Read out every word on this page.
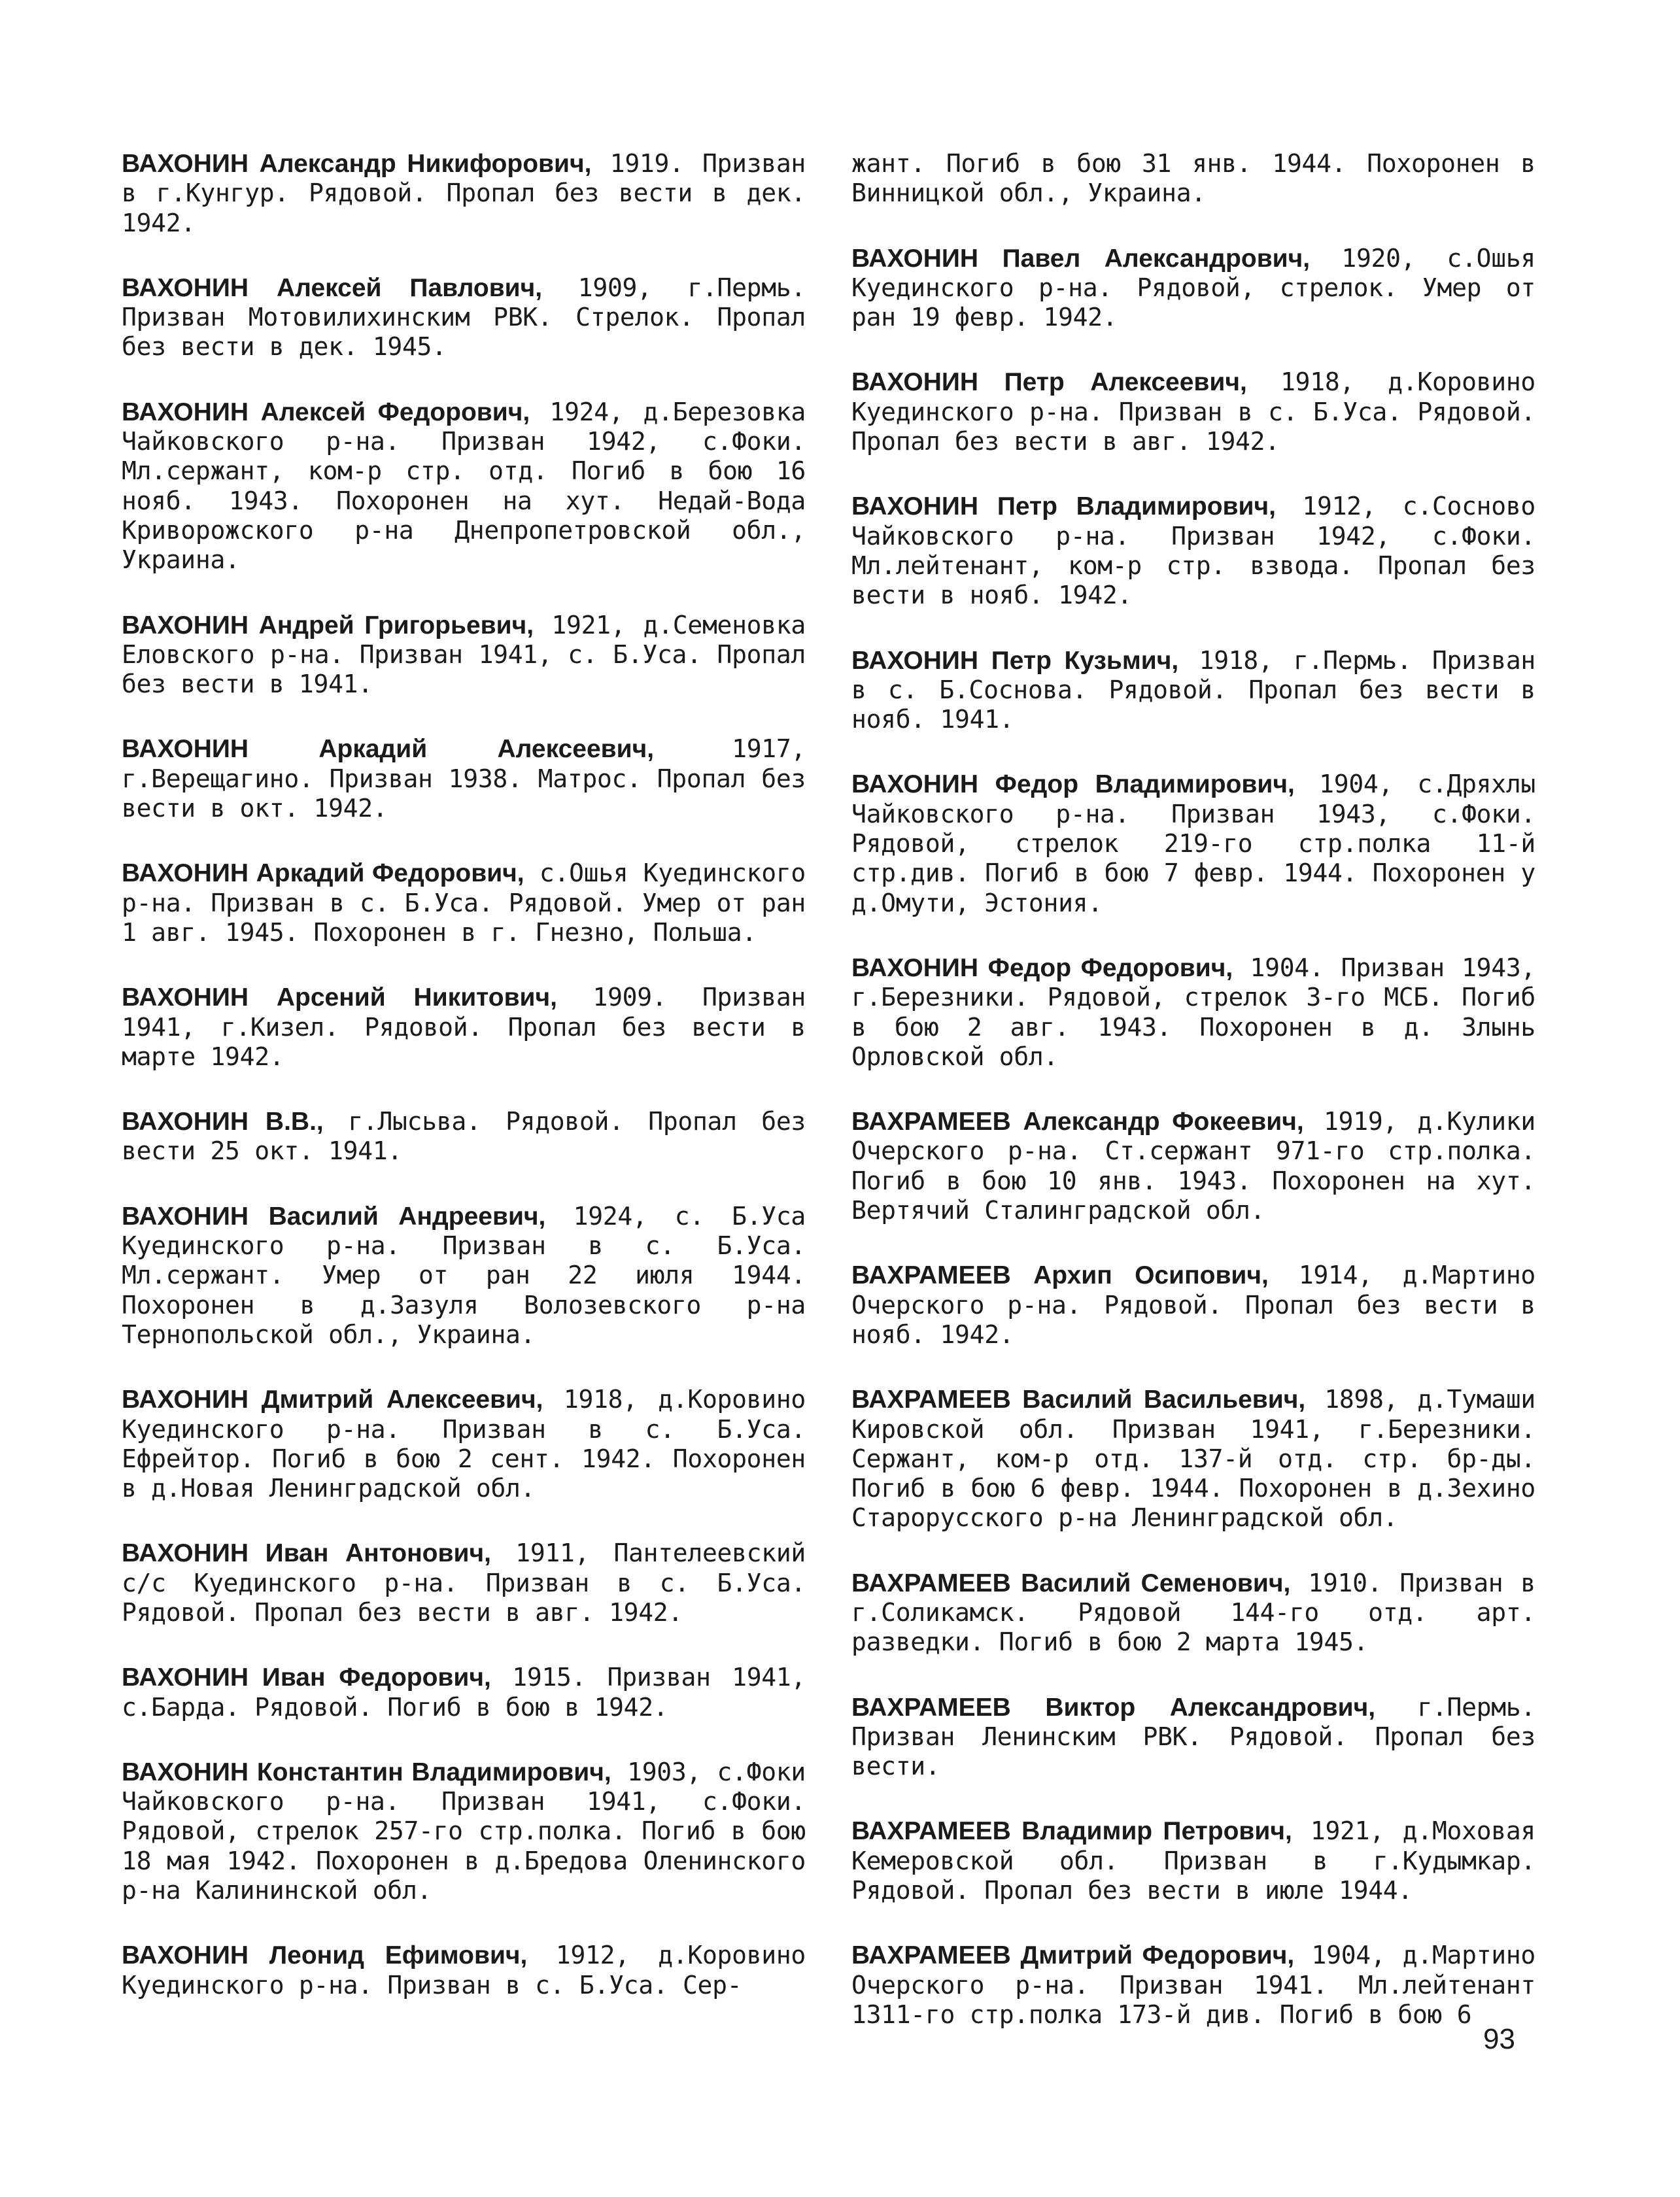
ВАХОНИН Александр Никифорович, 1919. Призван в г.Кунгур. Рядовой. Пропал без вести в дек. 1942.

ВАХОНИН Алексей Павлович, 1909, г.Пермь. Призван Мотовилихинским РВК. Стрелок. Пропал без вести в дек. 1945.

ВАХОНИН Алексей Федорович, 1924, д.Березовка Чайковского р-на. Призван 1942, с.Фоки. Мл.сержант, ком-р стр. отд. Погиб в бою 16 нояб. 1943. Похоронен на хут. Недай-Вода Криворожского р-на Днепропетровской обл., Украина.

ВАХОНИН Андрей Григорьевич, 1921, д.Семеновка Еловского р-на. Призван 1941, с. Б.Уса. Пропал без вести в 1941.

ВАХОНИН Аркадий Алексеевич, 1917, г.Верещагино. Призван 1938. Матрос. Пропал без вести в окт. 1942.

ВАХОНИН Аркадий Федорович, с.Ошья Куединского р-на. Призван в с. Б.Уса. Рядовой. Умер от ран 1 авг. 1945. Похоронен в г. Гнезно, Польша.

ВАХОНИН Арсений Никитович, 1909. Призван 1941, г.Кизел. Рядовой. Пропал без вести в марте 1942.

ВАХОНИН В.В., г.Лысьва. Рядовой. Пропал без вести 25 окт. 1941.

ВАХОНИН Василий Андреевич, 1924, с. Б.Уса Куединского р-на. Призван в с. Б.Уса. Мл.сержант. Умер от ран 22 июля 1944. Похоронен в д.Зазуля Волозевского р-на Тернопольской обл., Украина.

ВАХОНИН Дмитрий Алексеевич, 1918, д.Коровино Куединского р-на. Призван в с. Б.Уса. Ефрейтор. Погиб в бою 2 сент. 1942. Похоронен в д.Новая Ленинградской обл.

ВАХОНИН Иван Антонович, 1911, Пантелеевский с/с Куединского р-на. Призван в с. Б.Уса. Рядовой. Пропал без вести в авг. 1942.

ВАХОНИН Иван Федорович, 1915. Призван 1941, с.Барда. Рядовой. Погиб в бою в 1942.

ВАХОНИН Константин Владимирович, 1903, с.Фоки Чайковского р-на. Призван 1941, с.Фоки. Рядовой, стрелок 257-го стр.полка. Погиб в бою 18 мая 1942. Похоронен в д.Бредова Оленинского р-на Калининской обл.

ВАХОНИН Леонид Ефимович, 1912, д.Коровино Куединского р-на. Призван в с. Б.Уса. Сер-

жант. Погиб в бою 31 янв. 1944. Похоронен в Винницкой обл., Украина.

ВАХОНИН Павел Александрович, 1920, с.Ошья Куединского р-на. Рядовой, стрелок. Умер от ран 19 февр. 1942.

ВАХОНИН Петр Алексеевич, 1918, д.Коровино Куединского р-на. Призван в с. Б.Уса. Рядовой. Пропал без вести в авг. 1942.

ВАХОНИН Петр Владимирович, 1912, с.Сосново Чайковского р-на. Призван 1942, с.Фоки. Мл.лейтенант, ком-р стр. взвода. Пропал без вести в нояб. 1942.

ВАХОНИН Петр Кузьмич, 1918, г.Пермь. Призван в с. Б.Соснова. Рядовой. Пропал без вести в нояб. 1941.

ВАХОНИН Федор Владимирович, 1904, с.Дряхлы Чайковского р-на. Призван 1943, с.Фоки. Рядовой, стрелок 219-го стр.полка 11-й стр.див. Погиб в бою 7 февр. 1944. Похоронен у д.Омути, Эстония.

ВАХОНИН Федор Федорович, 1904. Призван 1943, г.Березники. Рядовой, стрелок 3-го МСБ. Погиб в бою 2 авг. 1943. Похоронен в д. Злынь Орловской обл.

ВАХРАМЕЕВ Александр Фокеевич, 1919, д.Кулики Очерского р-на. Ст.сержант 971-го стр.полка. Погиб в бою 10 янв. 1943. Похоронен на хут. Вертячий Сталинградской обл.

ВАХРАМЕЕВ Архип Осипович, 1914, д.Мартино Очерского р-на. Рядовой. Пропал без вести в нояб. 1942.

ВАХРАМЕЕВ Василий Васильевич, 1898, д.Тумаши Кировской обл. Призван 1941, г.Березники. Сержант, ком-р отд. 137-й отд. стр. бр-ды. Погиб в бою 6 февр. 1944. Похоронен в д.Зехино Старорусского р-на Ленинградской обл.

ВАХРАМЕЕВ Василий Семенович, 1910. Призван в г.Соликамск. Рядовой 144-го отд. арт. разведки. Погиб в бою 2 марта 1945.

ВАХРАМЕЕВ Виктор Александрович, г.Пермь. Призван Ленинским РВК. Рядовой. Пропал без вести.

ВАХРАМЕЕВ Владимир Петрович, 1921, д.Моховая Кемеровской обл. Призван в г.Кудымкар. Рядовой. Пропал без вести в июле 1944.

ВАХРАМЕЕВ Дмитрий Федорович, 1904, д.Мартино Очерского р-на. Призван 1941. Мл.лейтенант 1311-го стр.полка 173-й див. Погиб в бою 6

93
